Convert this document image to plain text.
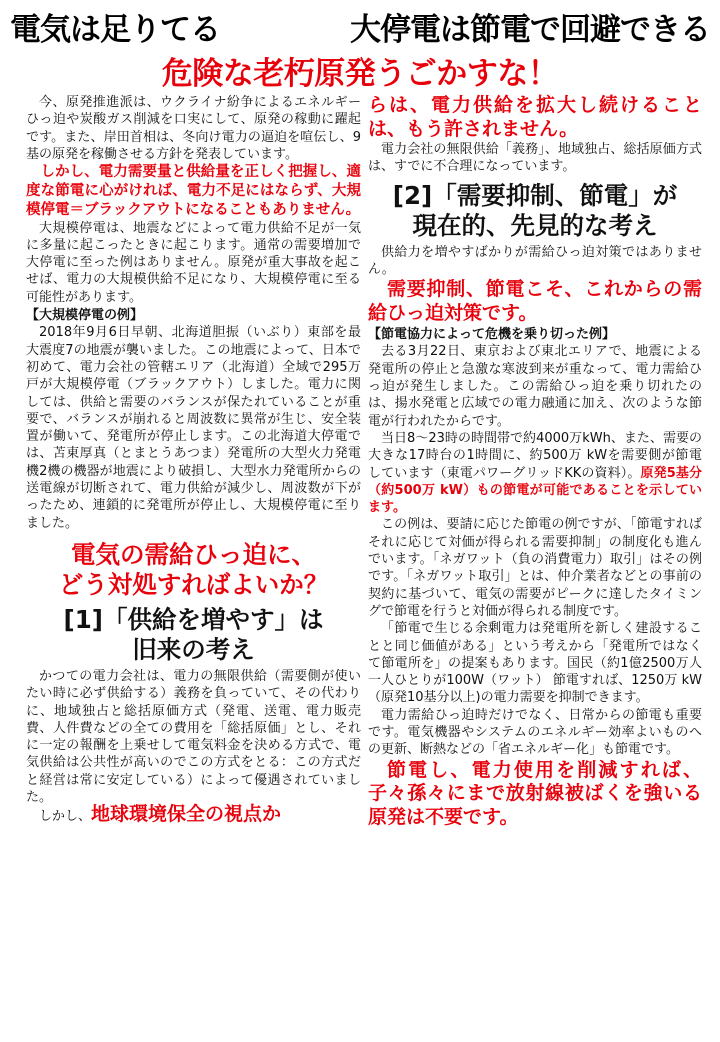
電気は足りてる	大停電は節電で回避できる
危険な老朽原発うごかすな！

今、原発推進派は、ウクライナ紛争によるエネルギーひっ迫や炭酸ガス削減を口実にして、原発の稼動に躍起です。また、岸田首相は、冬向け電力の逼迫を喧伝し、9基の原発を稼働させる方針を発表しています。

しかし、電力需要量と供給量を正しく把握し、適度な節電に心がければ、電力不足にはならず、大規模停電＝ブラックアウトになることもありません。

大規模停電は、地震などによって電力供給不足が一気に多量に起こったときに起こります。通常の需要増加で大停電に至った例はありません。原発が重大事故を起こせば、電力の大規模供給不足になり、大規模停電に至る可能性があります。

【大規模停電の例】

2018年9月6日早朝、北海道胆振（いぶり）東部を最大震度7の地震が襲いました。この地震によって、日本で初めて、電力会社の管轄エリア（北海道）全域で295万戸が大規模停電（ブラックアウト）しました。電力に関しては、供給と需要のバランスが保たれていることが重要で、バランスが崩れると周波数に異常が生じ、安全装置が働いて、発電所が停止します。この北海道大停電では、苫東厚真（とまとうあつま）発電所の大型火力発電機2機の機器が地震により破損し、大型水力発電所からの送電線が切断されて、電力供給が減少し、周波数が下がったため、連鎖的に発電所が停止し、大規模停電に至りました。

電気の需給ひっ迫に、
どう対処すればよいか？
[1]「供給を増やす」は
旧来の考え

かつての電力会社は、電力の無限供給（需要側が使いたい時に必ず供給する）義務を負っていて、その代わりに、地域独占と総括原価方式（発電、送電、電力販売費、人件費などの全ての費用を「総括原価」とし、それに一定の報酬を上乗せして電気料金を決める方式で、電気供給は公共性が高いのでこの方式をとる：この方式だと経営は常に安定している）によって優遇されていました。

しかし、地球環境保全の視点か

らは、電力供給を拡大し続けることは、もう許されません。

電力会社の無限供給「義務」、地域独占、総括原価方式は、すでに不合理になっています。

[2]「需要抑制、節電」が
現在的、先見的な考え

供給力を増やすばかりが需給ひっ迫対策ではありません。

需要抑制、節電こそ、これからの需給ひっ迫対策です。

【節電協力によって危機を乗り切った例】

去る3月22日、東京および東北エリアで、地震による発電所の停止と急激な寒波到来が重なって、電力需給ひっ迫が発生しました。この需給ひっ迫を乗り切れたのは、揚水発電と広域での電力融通に加え、次のような節電が行われたからです。

当日8～23時の時間帯で約4000万kWh、また、需要の大きな17時台の1時間に、約500万 kWを需要側が節電しています（東電パワーグリッドKKの資料）。原発5基分（約500万 kW）もの節電が可能であることを示しています。

この例は、要請に応じた節電の例ですが、「節電すればそれに応じて対価が得られる需要抑制」の制度化も進んでいます。「ネガワット（負の消費電力）取引」はその例です。「ネガワット取引」とは、仲介業者などとの事前の契約に基づいて、電気の需要がピークに達したタイミングで節電を行うと対価が得られる制度です。

「節電で生じる余剰電力は発電所を新しく建設することと同じ価値がある」という考えから「発電所ではなくて節電所を」の提案もあります。国民（約1億2500万人一人ひとりが100W（ワット） 節電すれば、1250万 kW（原発10基分以上)の電力需要を抑制できます。

電力需給ひっ迫時だけでなく、日常からの節電も重要です。電気機器やシステムのエネルギー効率よいものへの更新、断熱などの「省エネルギー化」も節電です。

節電し、電力使用を削減すれば、子々孫々にまで放射線被ばくを強いる原発は不要です。
